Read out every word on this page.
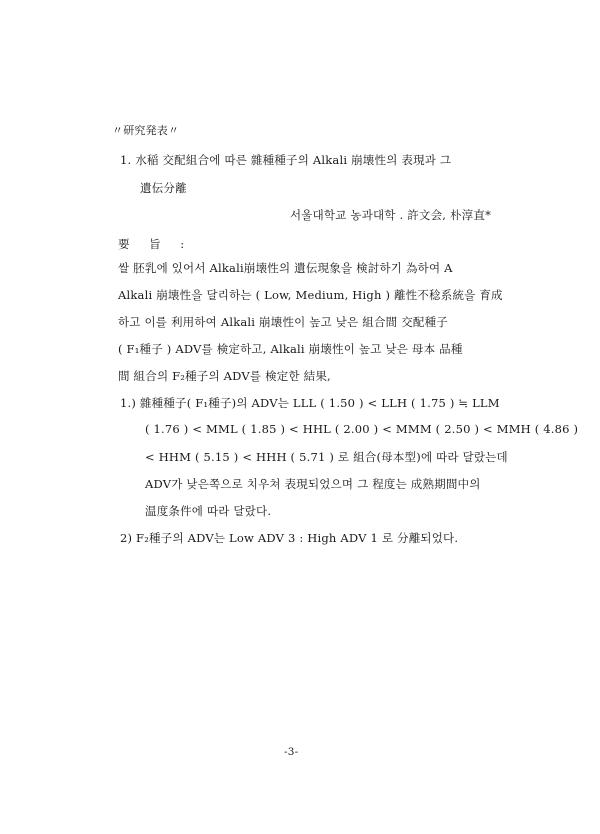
〃研究発表〃
1. 水稲 交配組合에 따른 雜種種子의 Alkali 崩壊性의 表現과 그
遺伝分離
서울대학교 농과대학 . 許文会, 朴淳直*
要 旨 :
쌀 胚乳에 있어서 Alkali崩壊性의 遺伝現象을 検討하기 為하여 A
Alkali 崩壊性을 달리하는 ( Low, Medium, High ) 離性不稔系統을 育成
하고 이를 利用하여 Alkali 崩壊性이 높고 낮은 組合間 交配種子
( F₁種子 ) ADV를 検定하고, Alkali 崩壊性이 높고 낮은 母本 品種
間 組合의 F₂種子의 ADV를 検定한 結果,
1.) 雜種種子( F₁種子)의 ADV는 LLL ( 1.50 ) < LLH ( 1.75 ) ≒ LLM
( 1.76 ) < MML ( 1.85 ) < HHL ( 2.00 ) < MMM ( 2.50 ) < MMH ( 4.86 )
< HHM ( 5.15 ) < HHH ( 5.71 ) 로 組合(母本型)에 따라 달랐는데
ADV가 낮은쪽으로 치우쳐 表現되었으며 그 程度는 成熟期間中의
温度条件에 따라 달랐다.
2) F₂種子의 ADV는 Low ADV 3 : High ADV 1 로 分離되었다.
-3-
